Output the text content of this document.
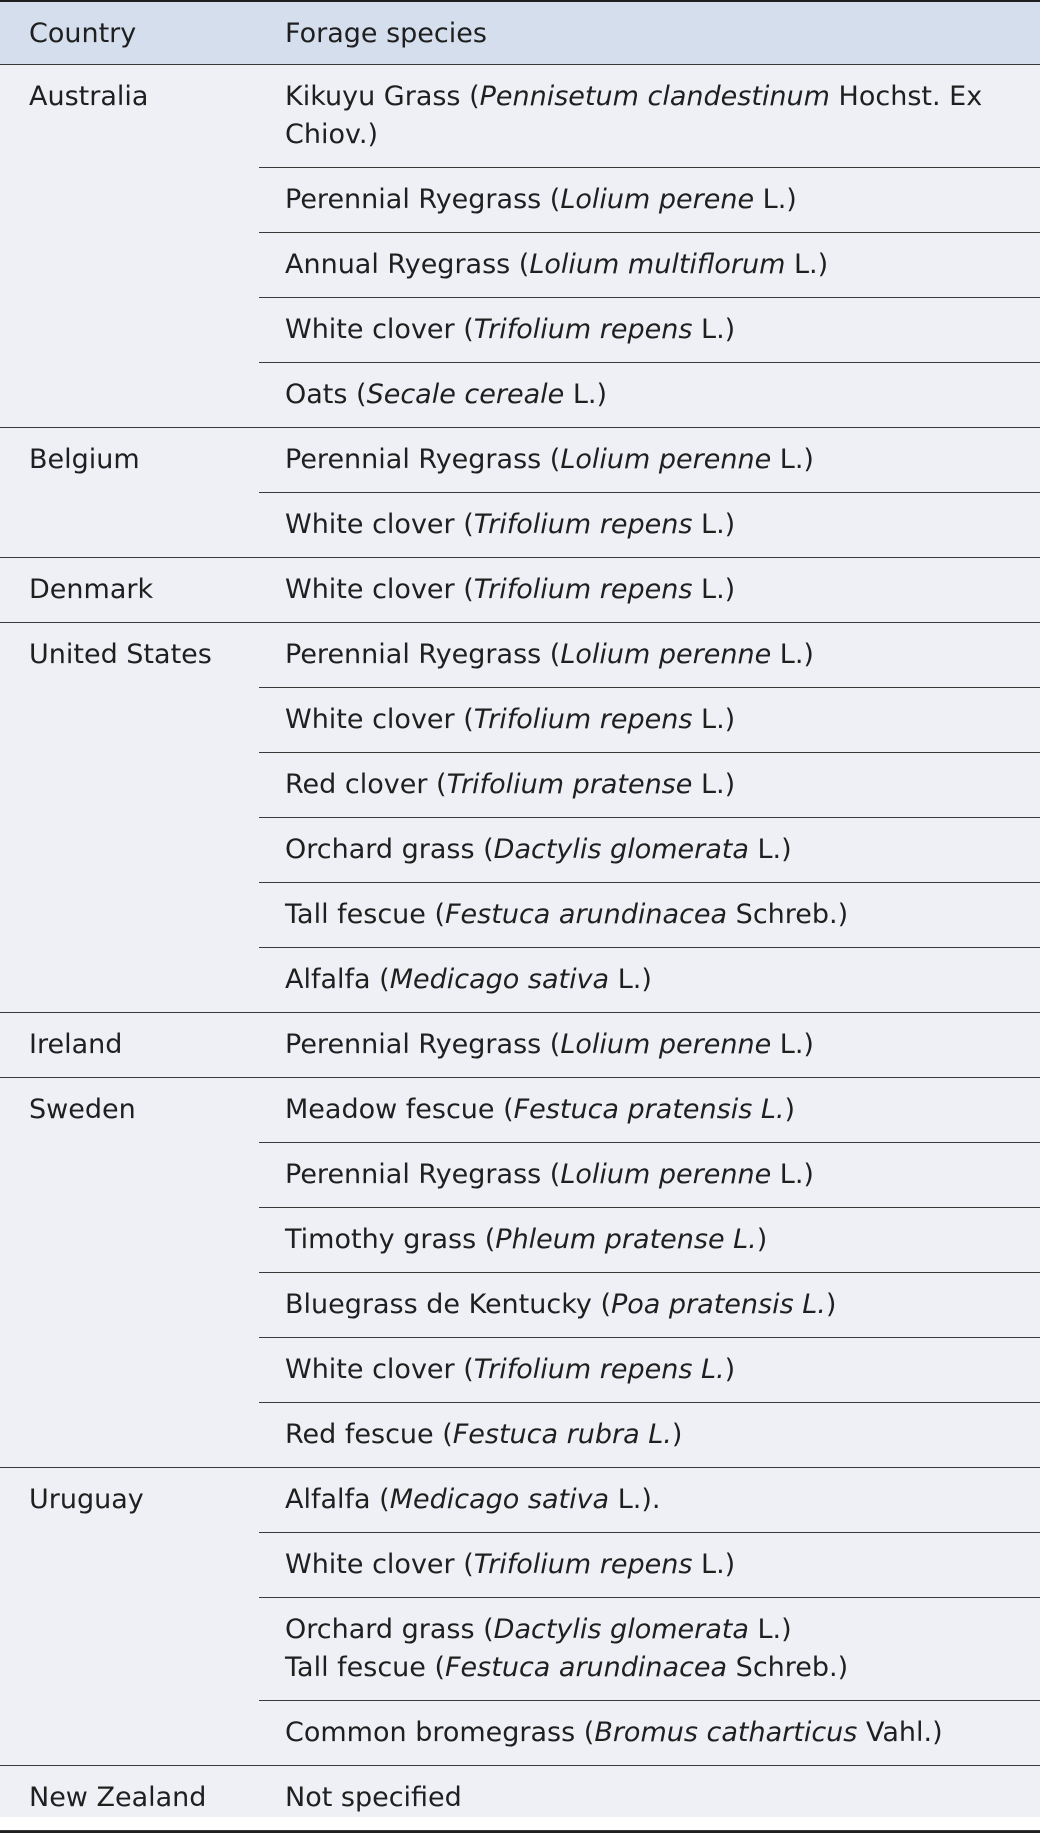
Country	Forage species
Australia	Kikuyu Grass (Pennisetum clandestinum Hochst. Ex Chiov.)
	Perennial Ryegrass (Lolium perene L.)
	Annual Ryegrass (Lolium multiflorum L.)
	White clover (Trifolium repens L.)
	Oats (Secale cereale L.)
Belgium	Perennial Ryegrass (Lolium perenne L.)
	White clover (Trifolium repens L.)
Denmark	White clover (Trifolium repens L.)
United States	Perennial Ryegrass (Lolium perenne L.)
	White clover (Trifolium repens L.)
	Red clover (Trifolium pratense L.)
	Orchard grass (Dactylis glomerata L.)
	Tall fescue (Festuca arundinacea Schreb.)
	Alfalfa (Medicago sativa L.)
Ireland	Perennial Ryegrass (Lolium perenne L.)
Sweden	Meadow fescue (Festuca pratensis L.)
	Perennial Ryegrass (Lolium perenne L.)
	Timothy grass (Phleum pratense L.)
	Bluegrass de Kentucky (Poa pratensis L.)
	White clover (Trifolium repens L.)
	Red fescue (Festuca rubra L.)
Uruguay	Alfalfa (Medicago sativa L.).
	White clover (Trifolium repens L.)
	Orchard grass (Dactylis glomerata L.)
Tall fescue (Festuca arundinacea Schreb.)
	Common bromegrass (Bromus catharticus Vahl.)
New Zealand	Not specified
